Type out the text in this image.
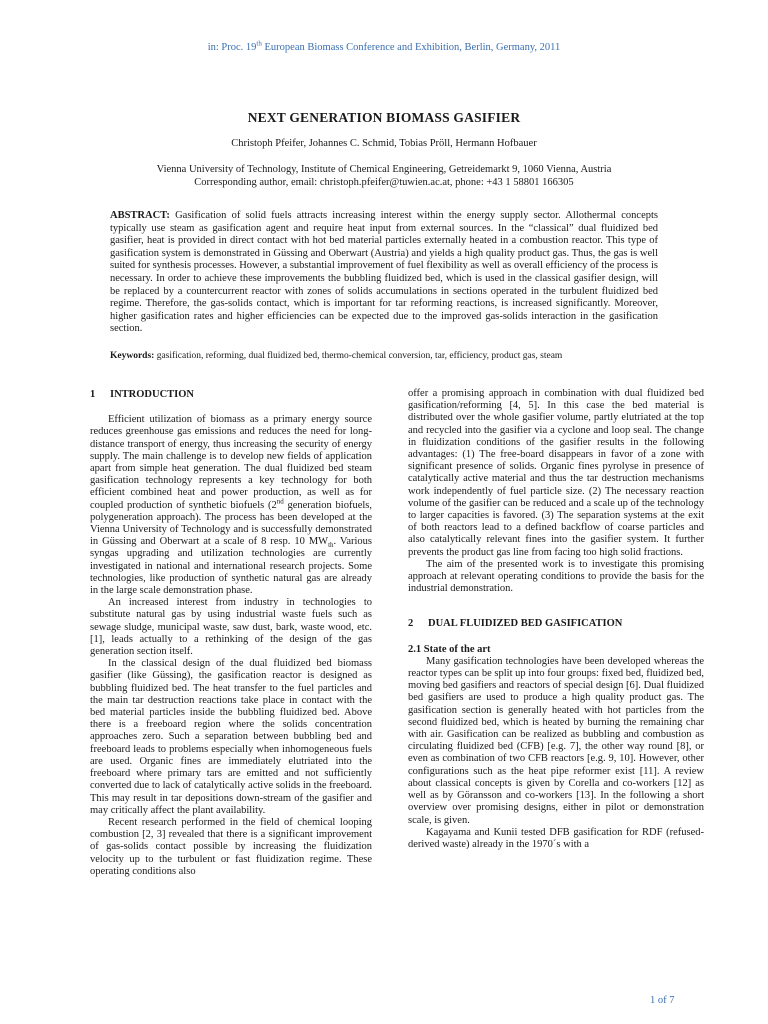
in: Proc. 19th European Biomass Conference and Exhibition, Berlin, Germany, 2011
NEXT GENERATION BIOMASS GASIFIER
Christoph Pfeifer, Johannes C. Schmid, Tobias Pröll, Hermann Hofbauer
Vienna University of Technology, Institute of Chemical Engineering, Getreidemarkt 9, 1060 Vienna, Austria
Corresponding author, email: christoph.pfeifer@tuwien.ac.at, phone: +43 1 58801 166305
ABSTRACT: Gasification of solid fuels attracts increasing interest within the energy supply sector. Allothermal concepts typically use steam as gasification agent and require heat input from external sources. In the “classical” dual fluidized bed gasifier, heat is provided in direct contact with hot bed material particles externally heated in a combustion reactor. This type of gasification system is demonstrated in Güssing and Oberwart (Austria) and yields a high quality product gas. Thus, the gas is well suited for synthesis processes. However, a substantial improvement of fuel flexibility as well as overall efficiency of the process is necessary. In order to achieve these improvements the bubbling fluidized bed, which is used in the classical gasifier design, will be replaced by a countercurrent reactor with zones of solids accumulations in sections operated in the turbulent fluidized bed regime. Therefore, the gas-solids contact, which is important for tar reforming reactions, is increased significantly. Moreover, higher gasification rates and higher efficiencies can be expected due to the improved gas-solids interaction in the gasification section.
Keywords: gasification, reforming, dual fluidized bed, thermo-chemical conversion, tar, efficiency, product gas, steam
1 INTRODUCTION

Efficient utilization of biomass as a primary energy source reduces greenhouse gas emissions and reduces the need for long-distance transport of energy, thus increasing the security of energy supply. The main challenge is to develop new fields of application apart from simple heat generation. The dual fluidized bed steam gasification technology represents a key technology for both efficient combined heat and power production, as well as for coupled production of synthetic biofuels (2nd generation biofuels, polygeneration approach). The process has been developed at the Vienna University of Technology and is successfully demonstrated in Güssing and Oberwart at a scale of 8 resp. 10 $MW_{th}$. Various syngas upgrading and utilization technologies are currently investigated in national and international research projects. Some technologies, like production of synthetic natural gas are already in the large scale demonstration phase.

An increased interest from industry in technologies to substitute natural gas by using industrial waste fuels such as sewage sludge, municipal waste, saw dust, bark, waste wood, etc. [1], leads actually to a rethinking of the design of the gas generation section itself.

In the classical design of the dual fluidized bed biomass gasifier (like Güssing), the gasification reactor is designed as bubbling fluidized bed. The heat transfer to the fuel particles and the main tar destruction reactions take place in contact with the bed material particles inside the bubbling fluidized bed. Above there is a freeboard region where the solids concentration approaches zero. Such a separation between bubbling bed and freeboard leads to problems especially when inhomogeneous fuels are used. Organic fines are immediately elutriated into the freeboard where primary tars are emitted and not sufficiently converted due to lack of catalytically active solids in the freeboard. This may result in tar depositions down-stream of the gasifier and may critically affect the plant availability.

Recent research performed in the field of chemical looping combustion [2, 3] revealed that there is a significant improvement of gas-solids contact possible by increasing the fluidization velocity up to the turbulent or fast fluidization regime. These operating conditions also

offer a promising approach in combination with dual fluidized bed gasification/reforming [4, 5]. In this case the bed material is distributed over the whole gasifier volume, partly elutriated at the top and recycled into the gasifier via a cyclone and loop seal. The change in fluidization conditions of the gasifier results in the following advantages: (1) The free-board disappears in favor of a zone with significant presence of solids. Organic fines pyrolyse in presence of catalytically active material and thus the tar destruction mechanisms work independently of fuel particle size. (2) The necessary reaction volume of the gasifier can be reduced and a scale up of the technology to larger capacities is favored. (3) The separation systems at the exit of both reactors lead to a defined backflow of coarse particles and also catalytically relevant fines into the gasifier system. It further prevents the product gas line from facing too high solid fractions.

The aim of the presented work is to investigate this promising approach at relevant operating conditions to provide the basis for the industrial demonstration.

2 DUAL FLUIDIZED BED GASIFICATION
2.1 State of the art

Many gasification technologies have been developed whereas the reactor types can be split up into four groups: fixed bed, fluidized bed, moving bed gasifiers and reactors of special design [6]. Dual fluidized bed gasifiers are used to produce a high quality product gas. The gasification section is generally heated with hot particles from the second fluidized bed, which is heated by burning the remaining char with air. Gasification can be realized as bubbling and combustion as circulating fluidized bed (CFB) [e.g. 7], the other way round [8], or even as combination of two CFB reactors [e.g. 9, 10]. However, other configurations such as the heat pipe reformer exist [11]. A review about classical concepts is given by Corella and co-workers [12] as well as by Göransson and co-workers [13]. In the following a short overview over promising designs, either in pilot or demonstration scale, is given.

Kagayama and Kunii tested DFB gasification for RDF (refused-derived waste) already in the 1970´s with a

1 of 7
